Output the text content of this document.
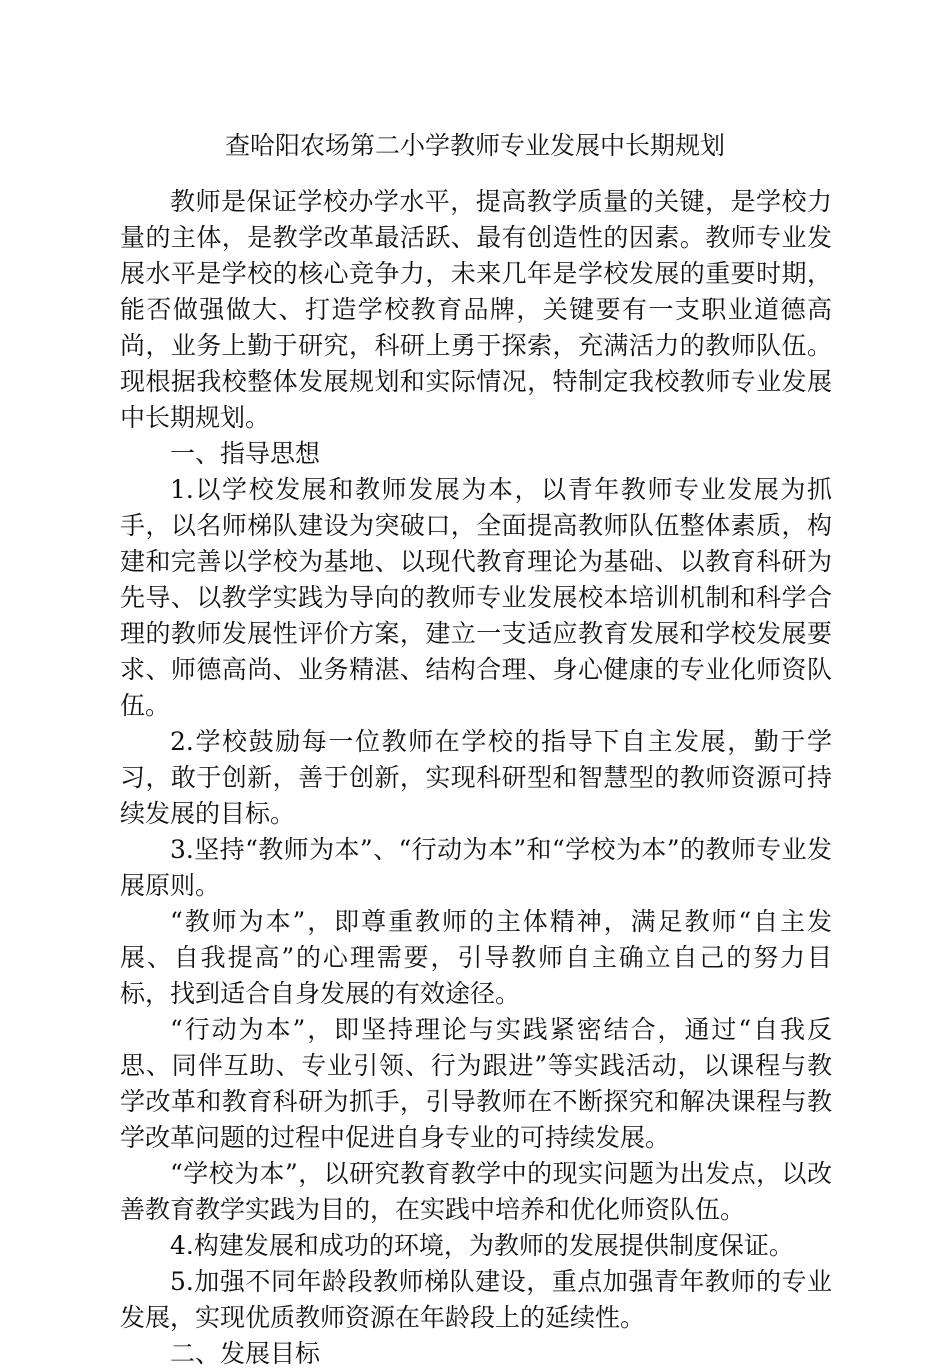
查哈阳农场第二小学教师专业发展中长期规划

教师是保证学校办学水平，提高教学质量的关键，是学校力量的主体，是教学改革最活跃、最有创造性的因素。教师专业发展水平是学校的核心竞争力，未来几年是学校发展的重要时期，能否做强做大、打造学校教育品牌，关键要有一支职业道德高尚，业务上勤于研究，科研上勇于探索，充满活力的教师队伍。现根据我校整体发展规划和实际情况，特制定我校教师专业发展中长期规划。

一、指导思想

1.以学校发展和教师发展为本，以青年教师专业发展为抓手，以名师梯队建设为突破口，全面提高教师队伍整体素质，构建和完善以学校为基地、以现代教育理论为基础、以教育科研为先导、以教学实践为导向的教师专业发展校本培训机制和科学合理的教师发展性评价方案，建立一支适应教育发展和学校发展要求、师德高尚、业务精湛、结构合理、身心健康的专业化师资队伍。

2.学校鼓励每一位教师在学校的指导下自主发展，勤于学习，敢于创新，善于创新，实现科研型和智慧型的教师资源可持续发展的目标。

3.坚持“教师为本”、“行动为本”和“学校为本”的教师专业发展原则。

“教师为本”，即尊重教师的主体精神，满足教师“自主发展、自我提高”的心理需要，引导教师自主确立自己的努力目标，找到适合自身发展的有效途径。

“行动为本”，即坚持理论与实践紧密结合，通过“自我反思、同伴互助、专业引领、行为跟进”等实践活动，以课程与教学改革和教育科研为抓手，引导教师在不断探究和解决课程与教学改革问题的过程中促进自身专业的可持续发展。

“学校为本”，以研究教育教学中的现实问题为出发点，以改善教育教学实践为目的，在实践中培养和优化师资队伍。

4.构建发展和成功的环境，为教师的发展提供制度保证。

5.加强不同年龄段教师梯队建设，重点加强青年教师的专业发展，实现优质教师资源在年龄段上的延续性。

二、发展目标
